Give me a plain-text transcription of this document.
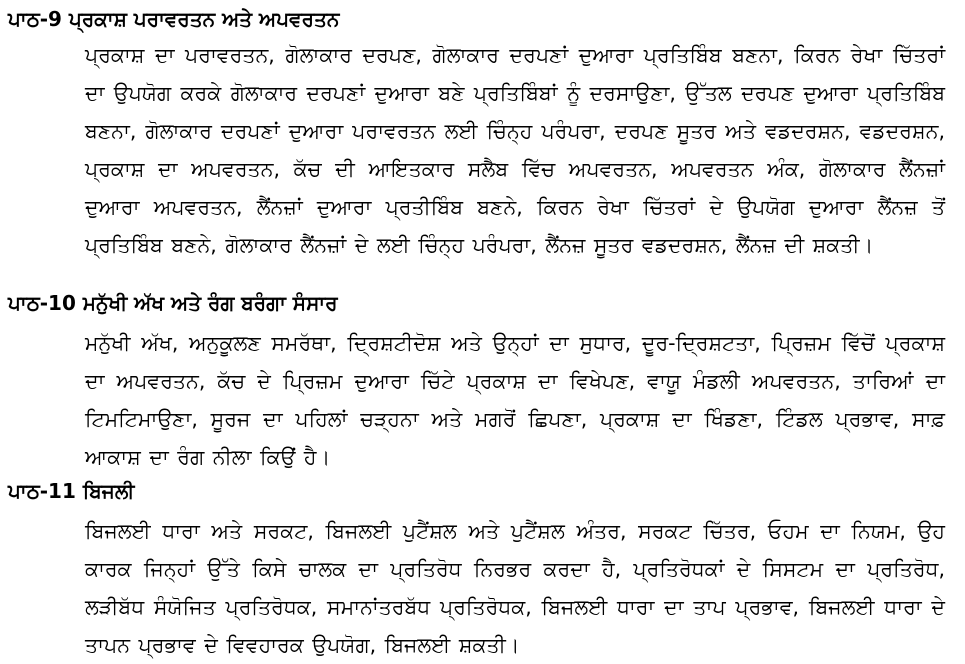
ਪਾਠ-9 ਪ੍ਰਕਾਸ਼ ਪਰਾਵਰਤਨ ਅਤੇ ਅਪਵਰਤਨ
ਪ੍ਰਕਾਸ਼ ਦਾ ਪਰਾਵਰਤਨ, ਗੋਲਾਕਾਰ ਦਰਪਣ, ਗੋਲਾਕਾਰ ਦਰਪਣਾਂ ਦੁਆਰਾ ਪ੍ਰਤਿਬਿੰਬ ਬਣਨਾ, ਕਿਰਨ ਰੇਖਾ ਚਿੱਤਰਾਂ ਦਾ ਉਪਯੋਗ ਕਰਕੇ ਗੋਲਾਕਾਰ ਦਰਪਣਾਂ ਦੁਆਰਾ ਬਣੇ ਪ੍ਰਤਿਬਿੰਬਾਂ ਨੂੰ ਦਰਸਾਉਣਾ, ਉੱਤਲ ਦਰਪਣ ਦੁਆਰਾ ਪ੍ਰਤਿਬਿੰਬ ਬਣਨਾ, ਗੋਲਾਕਾਰ ਦਰਪਣਾਂ ਦੁਆਰਾ ਪਰਾਵਰਤਨ ਲਈ ਚਿੰਨ੍ਹ ਪਰੰਪਰਾ, ਦਰਪਣ ਸੂਤਰ ਅਤੇ ਵਡਦਰਸ਼ਨ, ਵਡਦਰਸ਼ਨ, ਪ੍ਰਕਾਸ਼ ਦਾ ਅਪਵਰਤਨ, ਕੱਚ ਦੀ ਆਇਤਕਾਰ ਸਲੈਬ ਵਿੱਚ ਅਪਵਰਤਨ, ਅਪਵਰਤਨ ਅੰਕ, ਗੋਲਾਕਾਰ ਲੈਂਨਜ਼ਾਂ ਦੁਆਰਾ ਅਪਵਰਤਨ, ਲੈਂਨਜ਼ਾਂ ਦੁਆਰਾ ਪ੍ਰਤੀਬਿੰਬ ਬਣਨੇ, ਕਿਰਨ ਰੇਖਾ ਚਿੱਤਰਾਂ ਦੇ ਉਪਯੋਗ ਦੁਆਰਾ ਲੈਂਨਜ਼ ਤੋਂ ਪ੍ਰਤਿਬਿੰਬ ਬਣਨੇ, ਗੋਲਾਕਾਰ ਲੈਂਨਜ਼ਾਂ ਦੇ ਲਈ ਚਿੰਨ੍ਹ ਪਰੰਪਰਾ, ਲੈਂਨਜ਼ ਸੂਤਰ ਵਡਦਰਸ਼ਨ, ਲੈਂਨਜ਼ ਦੀ ਸ਼ਕਤੀ।
ਪਾਠ-10 ਮਨੁੱਖੀ ਅੱਖ ਅਤੇ ਰੰਗ ਬਰੰਗਾ ਸੰਸਾਰ
ਮਨੁੱਖੀ ਅੱਖ, ਅਨੁਕੂਲਣ ਸਮਰੱਥਾ, ਦ੍ਰਿਸ਼ਟੀਦੋਸ਼ ਅਤੇ ਉਨ੍ਹਾਂ ਦਾ ਸੁਧਾਰ, ਦੂਰ-ਦ੍ਰਿਸ਼ਟਤਾ, ਪ੍ਰਿਜ਼ਮ ਵਿੱਚੋਂ ਪ੍ਰਕਾਸ਼ ਦਾ ਅਪਵਰਤਨ, ਕੱਚ ਦੇ ਪ੍ਰਿਜ਼ਮ ਦੁਆਰਾ ਚਿੱਟੇ ਪ੍ਰਕਾਸ਼ ਦਾ ਵਿਖੇਪਣ, ਵਾਯੂ ਮੰਡਲੀ ਅਪਵਰਤਨ, ਤਾਰਿਆਂ ਦਾ ਟਿਮਟਿਮਾਉਣਾ, ਸੂਰਜ ਦਾ ਪਹਿਲਾਂ ਚੜ੍ਹਨਾ ਅਤੇ ਮਗਰੋਂ ਛਿਪਣਾ, ਪ੍ਰਕਾਸ਼ ਦਾ ਖਿੰਡਣਾ, ਟਿੰਡਲ ਪ੍ਰਭਾਵ, ਸਾਫ਼ ਆਕਾਸ਼ ਦਾ ਰੰਗ ਨੀਲਾ ਕਿਉਂ ਹੈ।
ਪਾਠ-11 ਬਿਜਲੀ
ਬਿਜਲਈ ਧਾਰਾ ਅਤੇ ਸਰਕਟ, ਬਿਜਲਈ ਪੁਟੈਂਸ਼ਲ ਅਤੇ ਪੁਟੈਂਸ਼ਲ ਅੰਤਰ, ਸਰਕਟ ਚਿੱਤਰ, ਓਹਮ ਦਾ ਨਿਯਮ, ਉਹ ਕਾਰਕ ਜਿਨ੍ਹਾਂ ਉੱਤੇ ਕਿਸੇ ਚਾਲਕ ਦਾ ਪ੍ਰਤਿਰੋਧ ਨਿਰਭਰ ਕਰਦਾ ਹੈ, ਪ੍ਰਤਿਰੋਧਕਾਂ ਦੇ ਸਿਸਟਮ ਦਾ ਪ੍ਰਤਿਰੋਧ, ਲੜੀਬੱਧ ਸੰਯੋਜਿਤ ਪ੍ਰਤਿਰੋਧਕ, ਸਮਾਨਾਂਤਰਬੱਧ ਪ੍ਰਤਿਰੋਧਕ, ਬਿਜਲਈ ਧਾਰਾ ਦਾ ਤਾਪ ਪ੍ਰਭਾਵ, ਬਿਜਲਈ ਧਾਰਾ ਦੇ ਤਾਪਨ ਪ੍ਰਭਾਵ ਦੇ ਵਿਵਹਾਰਕ ਉਪਯੋਗ, ਬਿਜਲਈ ਸ਼ਕਤੀ।
